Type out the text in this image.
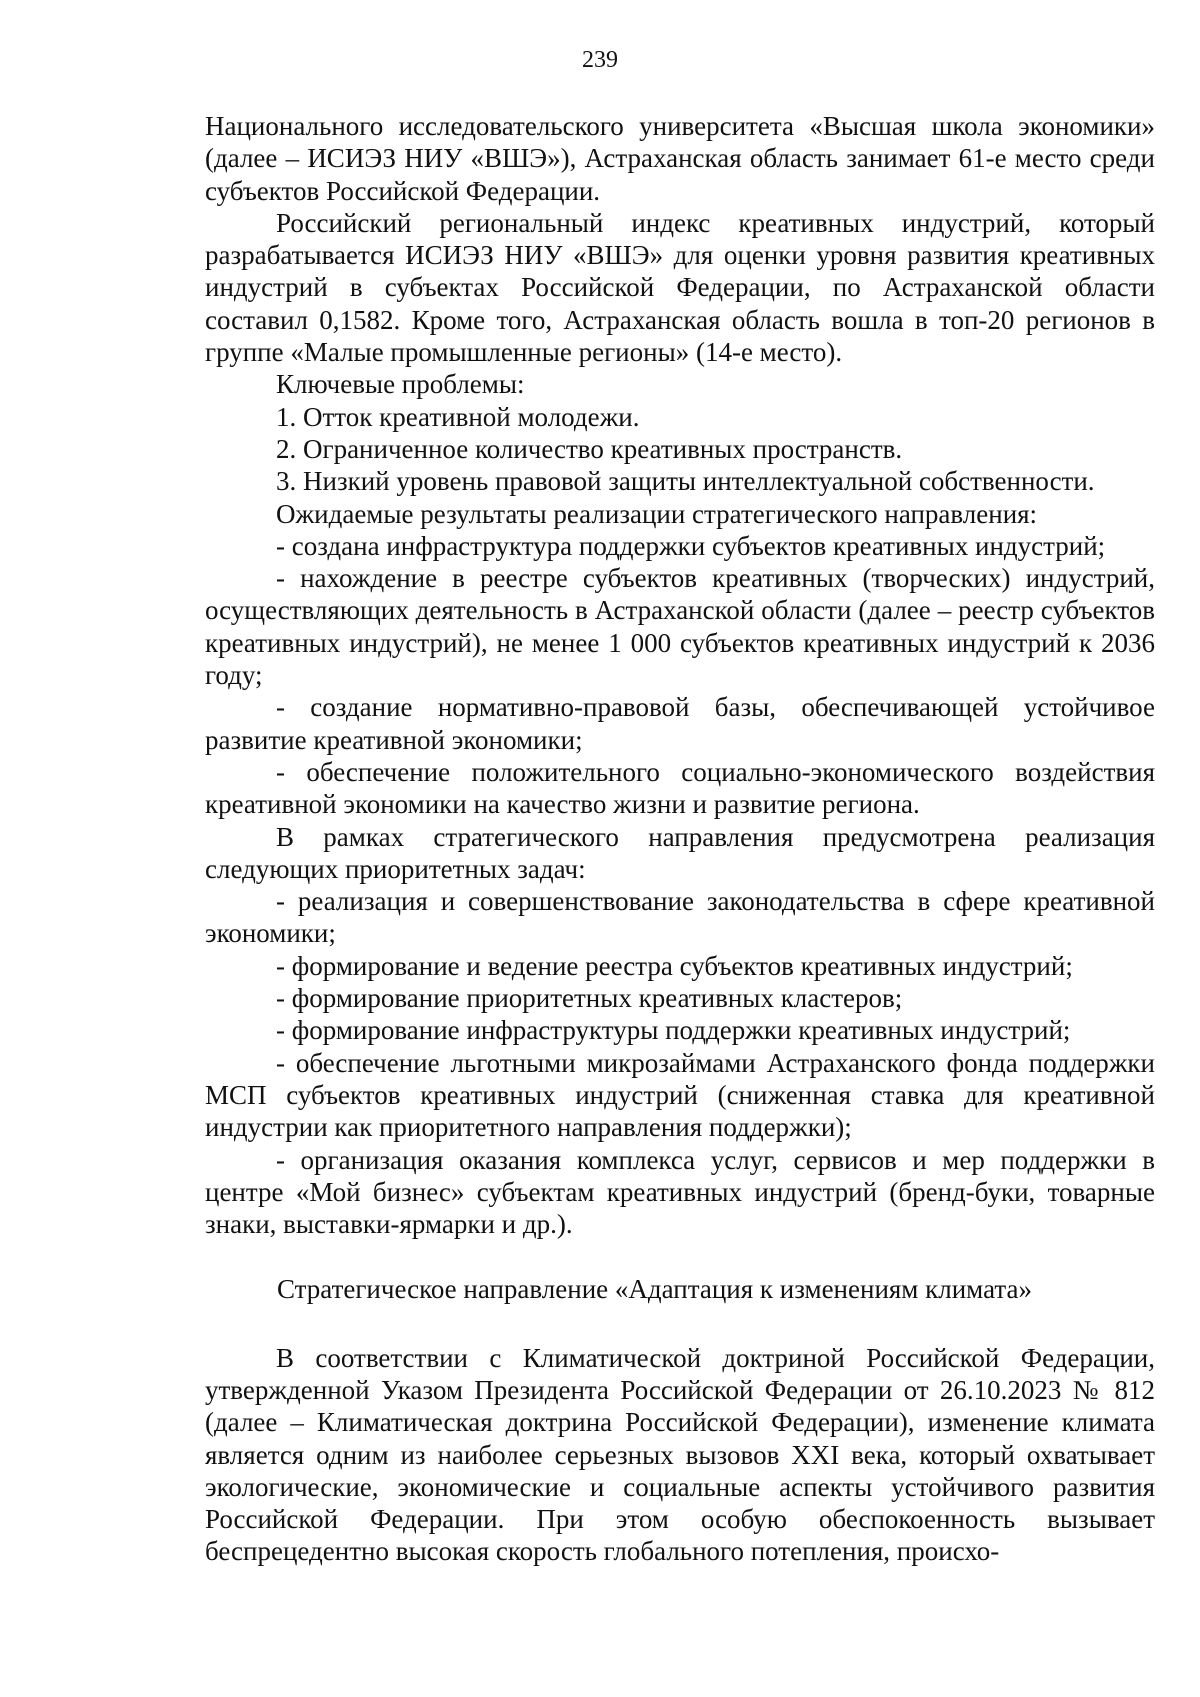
239

Национального исследовательского университета «Высшая школа экономики» (далее – ИСИЭЗ НИУ «ВШЭ»), Астраханская область занимает 61-е место среди субъектов Российской Федерации.

Российский региональный индекс креативных индустрий, который разрабатывается ИСИЭЗ НИУ «ВШЭ» для оценки уровня развития креативных индустрий в субъектах Российской Федерации, по Астраханской области составил 0,1582. Кроме того, Астраханская область вошла в топ-20 регионов в группе «Малые промышленные регионы» (14-е место).

Ключевые проблемы:

1. Отток креативной молодежи.

2. Ограниченное количество креативных пространств.

3. Низкий уровень правовой защиты интеллектуальной собственности.

Ожидаемые результаты реализации стратегического направления:

- создана инфраструктура поддержки субъектов креативных индустрий;

- нахождение в реестре субъектов креативных (творческих) индустрий, осуществляющих деятельность в Астраханской области (далее – реестр субъектов креативных индустрий), не менее 1 000 субъектов креативных индустрий к 2036 году;

- создание нормативно-правовой базы, обеспечивающей устойчивое развитие креативной экономики;

- обеспечение положительного социально-экономического воздействия креативной экономики на качество жизни и развитие региона.

В рамках стратегического направления предусмотрена реализация следующих приоритетных задач:

- реализация и совершенствование законодательства в сфере креативной экономики;

- формирование и ведение реестра субъектов креативных индустрий;

- формирование приоритетных креативных кластеров;

- формирование инфраструктуры поддержки креативных индустрий;

- обеспечение льготными микрозаймами Астраханского фонда поддержки МСП субъектов креативных индустрий (сниженная ставка для креативной индустрии как приоритетного направления поддержки);

- организация оказания комплекса услуг, сервисов и мер поддержки в центре «Мой бизнес» субъектам креативных индустрий (бренд-буки, товарные знаки, выставки-ярмарки и др.).

Стратегическое направление «Адаптация к изменениям климата»

В соответствии с Климатической доктриной Российской Федерации, утвержденной Указом Президента Российской Федерации от 26.10.2023 № 812 (далее – Климатическая доктрина Российской Федерации), изменение климата является одним из наиболее серьезных вызовов XXI века, который охватывает экологические, экономические и социальные аспекты устойчивого развития Российской Федерации. При этом особую обеспокоенность вызывает беспрецедентно высокая скорость глобального потепления, происхо-
